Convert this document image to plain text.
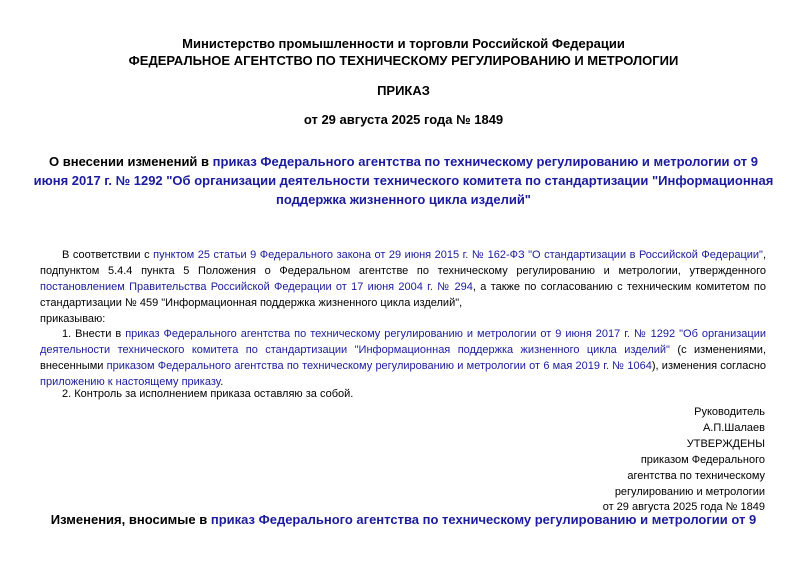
Министерство промышленности и торговли Российской Федерации
ФЕДЕРАЛЬНОЕ АГЕНТСТВО ПО ТЕХНИЧЕСКОМУ РЕГУЛИРОВАНИЮ И МЕТРОЛОГИИ
ПРИКАЗ
от 29 августа 2025 года № 1849
О внесении изменений в приказ Федерального агентства по техническому регулированию и метрологии от 9 июня 2017 г. № 1292 "Об организации деятельности технического комитета по стандартизации "Информационная поддержка жизненного цикла изделий"
В соответствии с пунктом 25 статьи 9 Федерального закона от 29 июня 2015 г. № 162-ФЗ "О стандартизации в Российской Федерации", подпунктом 5.4.4 пункта 5 Положения о Федеральном агентстве по техническому регулированию и метрологии, утвержденного постановлением Правительства Российской Федерации от 17 июня 2004 г. № 294, а также по согласованию с техническим комитетом по стандартизации № 459 "Информационная поддержка жизненного цикла изделий",
приказываю:
1. Внести в приказ Федерального агентства по техническому регулированию и метрологии от 9 июня 2017 г. № 1292 "Об организации деятельности технического комитета по стандартизации "Информационная поддержка жизненного цикла изделий" (с изменениями, внесенными приказом Федерального агентства по техническому регулированию и метрологии от 6 мая 2019 г. № 1064), изменения согласно приложению к настоящему приказу.
2. Контроль за исполнением приказа оставляю за собой.
Руководитель
А.П.Шалаев
УТВЕРЖДЕНЫ
приказом Федерального
агентства по техническому
регулированию и метрологии
от 29 августа 2025 года № 1849
Изменения, вносимые в приказ Федерального агентства по техническому регулированию и метрологии от 9
